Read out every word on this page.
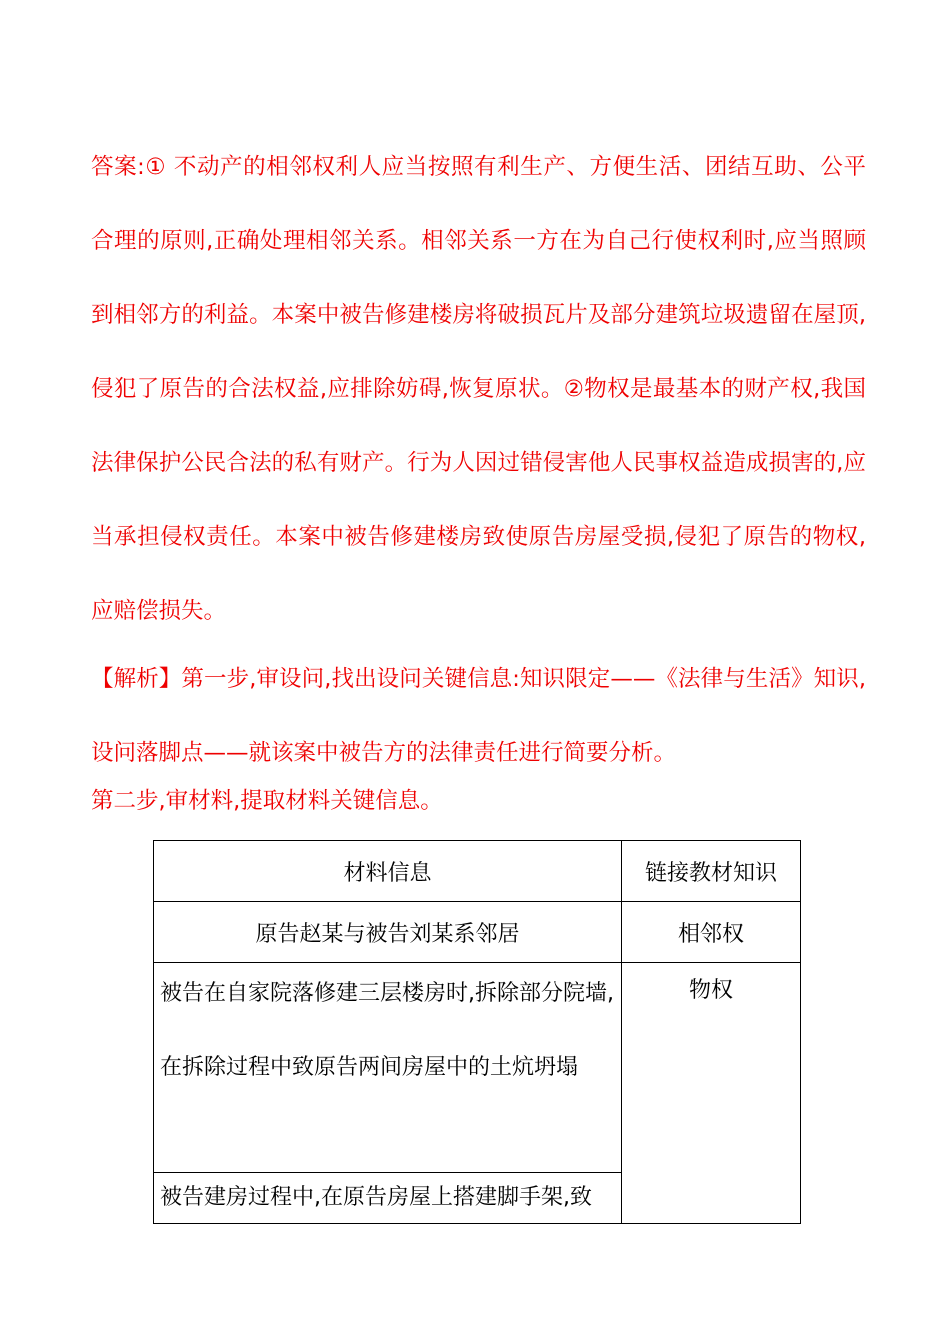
答案:① 不动产的相邻权利人应当按照有利生产、方便生活、团结互助、公平合理的原则,正确处理相邻关系。相邻关系一方在为自己行使权利时,应当照顾到相邻方的利益。本案中被告修建楼房将破损瓦片及部分建筑垃圾遗留在屋顶,侵犯了原告的合法权益,应排除妨碍,恢复原状。②物权是最基本的财产权,我国法律保护公民合法的私有财产。行为人因过错侵害他人民事权益造成损害的,应当承担侵权责任。本案中被告修建楼房致使原告房屋受损,侵犯了原告的物权,应赔偿损失。

【解析】第一步,审设问,找出设问关键信息:知识限定——《法律与生活》知识,设问落脚点——就该案中被告方的法律责任进行简要分析。

第二步,审材料,提取材料关键信息。

材料信息	链接教材知识
原告赵某与被告刘某系邻居	相邻权

被告在自家院落修建三层楼房时,拆除部分院墙,在拆除过程中致原告两间房屋中的土炕坍塌	物权
被告建房过程中,在原告房屋上搭建脚手架,致	
